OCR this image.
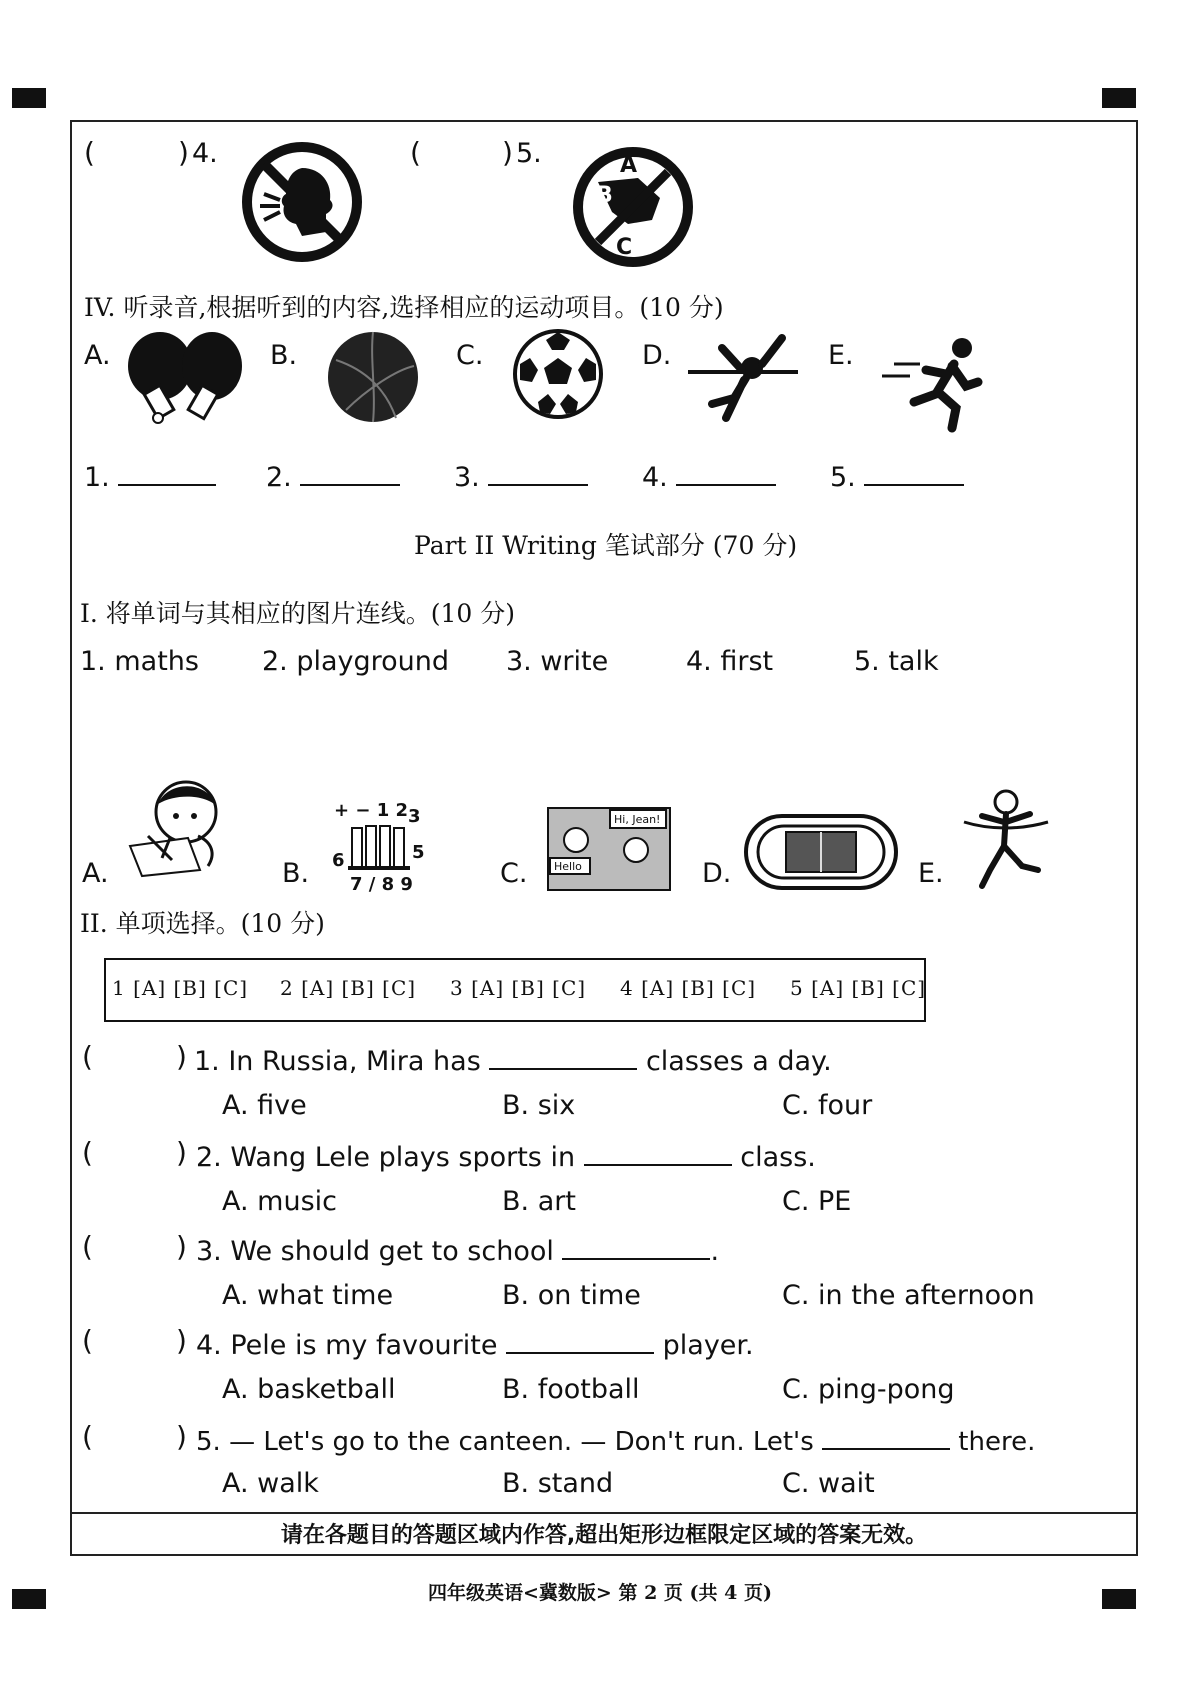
(	) 4.	(	) 5.
B
A
C
IV. 听录音,根据听到的内容,选择相应的运动项目。(10 分)
A.	B.	C.	D.	E.
1.	2.	3.	4.	5.
Part II Writing 笔试部分 (70 分)
I. 将单词与其相应的图片连线。(10 分)
1. maths 2. playground 3. write	4. first	5. talk
A.	B.
+ − 1 2 3
6	5
7 / 8 9	C.
Hi, Jean!
Hello	D.	E.
II. 单项选择。(10 分)
1 [A] [B] [C] 2 [A] [B] [C] 3 [A] [B] [C] 4 [A] [B] [C] 5 [A] [B] [C]
(	) 1. In Russia, Mira has	classes a day.
A. five	B. six	C. four
(	) 2. Wang Lele plays sports in	class.
A. music	B. art	C. PE
(	) 3. We should get to school	.
A. what time	B. on time	C. in the afternoon
(	) 4. Pele is my favourite	player.
A. basketball	B. football	C. ping-pong
(	) 5. — Let's go to the canteen. — Don't run. Let's	there.
A. walk	B. stand	C. wait
请在各题目的答题区域内作答,超出矩形边框限定区域的答案无效。
四年级英语<冀数版> 第 2 页 (共 4 页)
